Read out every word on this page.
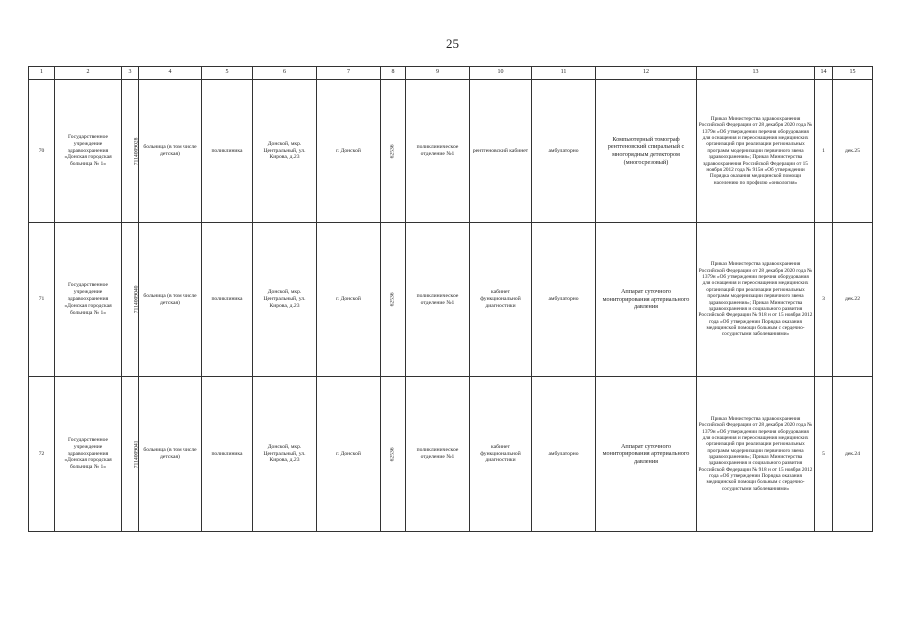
25
1	2	3	4	5	6	7	8	9	10	11	12	13	14	15
70	Государственное учреждение здравоохранения «Донская городская больница № 1»	7114009028	больница (в том числе детская)	поликлиника	Донской, мкр. Центральный, ул. Кирова, д.23	г. Донской	62536	поликлиническое отделение №1	рентгеновский кабинет	амбулаторно	Компьютерный томограф рентгеновский спиральный с многорядным детектором (многосрезовый)	Приказ Министерства здравоохранения Российской Федерации от 28 декабря 2020 года № 1379н «Об утверждении перечня оборудования для оснащения и переоснащения медицинских организаций при реализации региональных программ модернизации первичного звена здравоохранения»; Приказ Министерства здравоохранения Российской Федерации от 15 ноября 2012 года № 915н «Об утверждении Порядка оказания медицинской помощи населению по профилю «онкология»	1	дек.25
71	Государственное учреждение здравоохранения «Донская городская больница № 1»	7114009040	больница (в том числе детская)	поликлиника	Донской, мкр. Центральный, ул. Кирова, д.23	г. Донской	62536	поликлиническое отделение №1	кабинет функциональной диагностики	амбулаторно	Аппарат суточного мониторирования артериального давления	Приказ Министерства здравоохранения Российской Федерации от 28 декабря 2020 года № 1379н «Об утверждении перечня оборудования для оснащения и переоснащения медицинских организаций при реализации региональных программ модернизации первичного звена здравоохранения»; Приказ Министерства здравоохранения и социального развития Российской Федерации № 918 н от 15 ноября 2012 года «Об утверждении Порядка оказания медицинской помощи больным с сердечно-сосудистыми заболеваниями»	3	дек.22
72	Государственное учреждение здравоохранения «Донская городская больница № 1»	7114009041	больница (в том числе детская)	поликлиника	Донской, мкр. Центральный, ул. Кирова, д.23	г. Донской	62536	поликлиническое отделение №1	кабинет функциональной диагностики	амбулаторно	Аппарат суточного мониторирования артериального давления	Приказ Министерства здравоохранения Российской Федерации от 28 декабря 2020 года № 1379н «Об утверждении перечня оборудования для оснащения и переоснащения медицинских организаций при реализации региональных программ модернизации первичного звена здравоохранения»; Приказ Министерства здравоохранения и социального развития Российской Федерации № 918 н от 15 ноября 2012 года «Об утверждении Порядка оказания медицинской помощи больным с сердечно-сосудистыми заболеваниями»	5	дек.24
